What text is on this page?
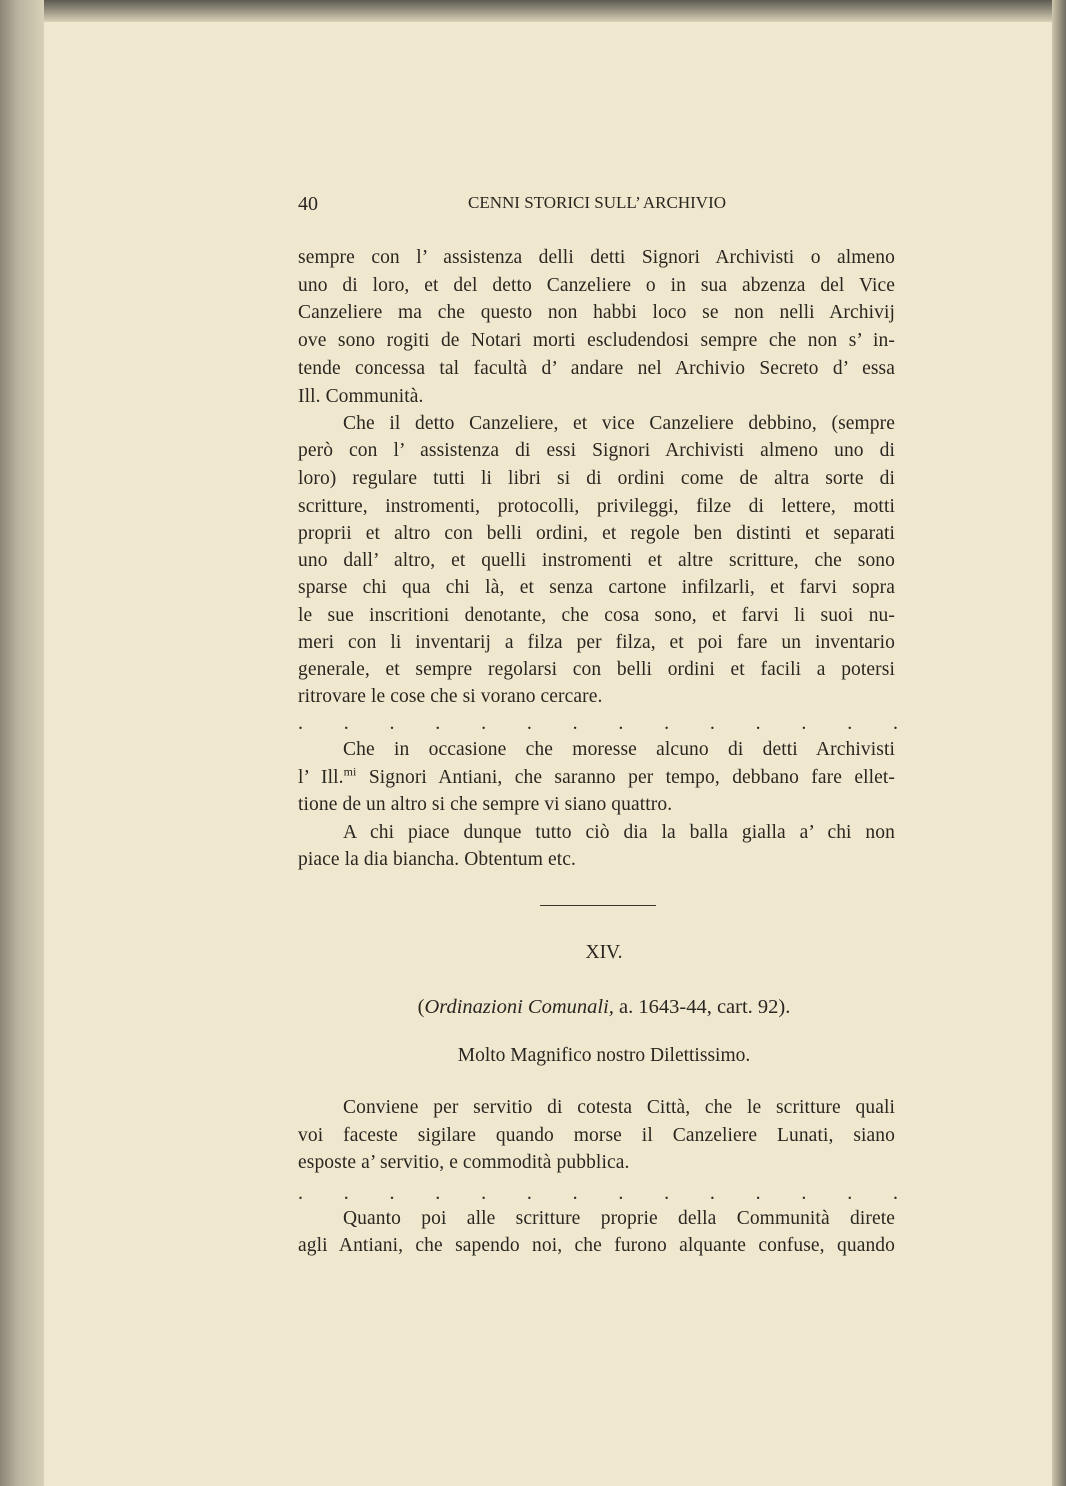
40	CENNI STORICI SULL’ ARCHIVIO
sempre con l’ assistenza delli detti Signori Archivisti o almeno
uno di loro, et del detto Canzeliere o in sua abzenza del Vice
Canzeliere ma che questo non habbi loco se non nelli Archivij
ove sono rogiti de Notari morti escludendosi sempre che non s’ in-
tende concessa tal facultà d’ andare nel Archivio Secreto d’ essa
Ill. Communità.
Che il detto Canzeliere, et vice Canzeliere debbino, (sempre
però con l’ assistenza di essi Signori Archivisti almeno uno di
loro) regulare tutti li libri si di ordini come de altra sorte di
scritture, instromenti, protocolli, privileggi, filze di lettere, motti
proprii et altro con belli ordini, et regole ben distinti et separati
uno dall’ altro, et quelli instromenti et altre scritture, che sono
sparse chi qua chi là, et senza cartone infilzarli, et farvi sopra
le sue inscritioni denotante, che cosa sono, et farvi li suoi nu-
meri con li inventarij a filza per filza, et poi fare un inventario
generale, et sempre regolarsi con belli ordini et facili a potersi
ritrovare le cose che si vorano cercare.
. . . . . . . . . . . . . .
Che in occasione che moresse alcuno di detti Archivisti
l’ Ill.$^{mi}$ Signori Antiani, che saranno per tempo, debbano fare ellet-
tione de un altro si che sempre vi siano quattro.
A chi piace dunque tutto ciò dia la balla gialla a’ chi non
piace la dia biancha. Obtentum etc.
XIV.
(Ordinazioni Comunali, a. 1643-44, cart. 92).
Molto Magnifico nostro Dilettissimo.
Conviene per servitio di cotesta Città, che le scritture quali
voi faceste sigilare quando morse il Canzeliere Lunati, siano
esposte a’ servitio, e commodità pubblica.
. . . . . . . . . . . . . .
Quanto poi alle scritture proprie della Communità direte
agli Antiani, che sapendo noi, che furono alquante confuse, quando
